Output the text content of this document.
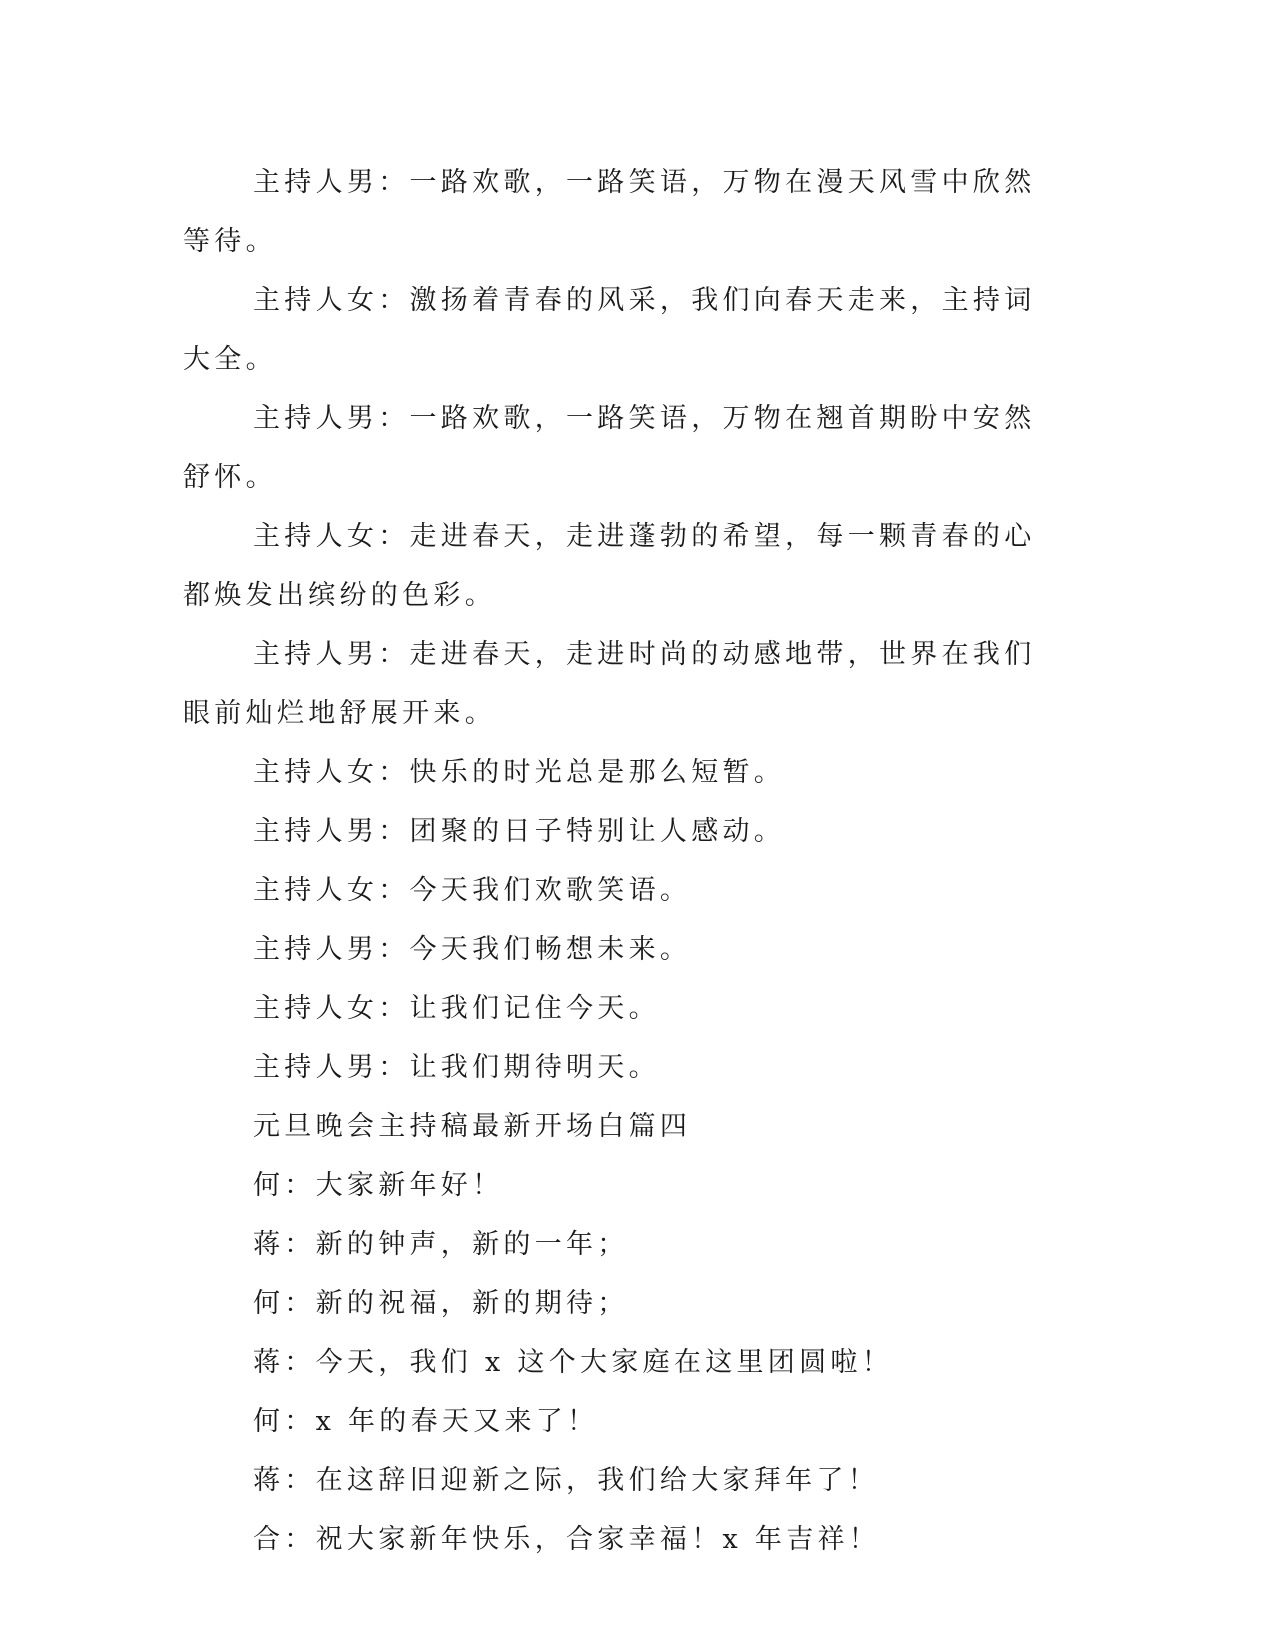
主持人男：一路欢歌，一路笑语，万物在漫天风雪中欣然等待。

主持人女：激扬着青春的风采，我们向春天走来，主持词大全。

主持人男：一路欢歌，一路笑语，万物在翘首期盼中安然舒怀。

主持人女：走进春天，走进蓬勃的希望，每一颗青春的心都焕发出缤纷的色彩。

主持人男：走进春天，走进时尚的动感地带，世界在我们眼前灿烂地舒展开来。

主持人女：快乐的时光总是那么短暂。

主持人男：团聚的日子特别让人感动。

主持人女：今天我们欢歌笑语。

主持人男：今天我们畅想未来。

主持人女：让我们记住今天。

主持人男：让我们期待明天。

元旦晚会主持稿最新开场白篇四

何：大家新年好！

蒋：新的钟声，新的一年；

何：新的祝福，新的期待；

蒋：今天，我们 x 这个大家庭在这里团圆啦！

何：x 年的春天又来了！

蒋：在这辞旧迎新之际，我们给大家拜年了！

合：祝大家新年快乐，合家幸福！x 年吉祥！
